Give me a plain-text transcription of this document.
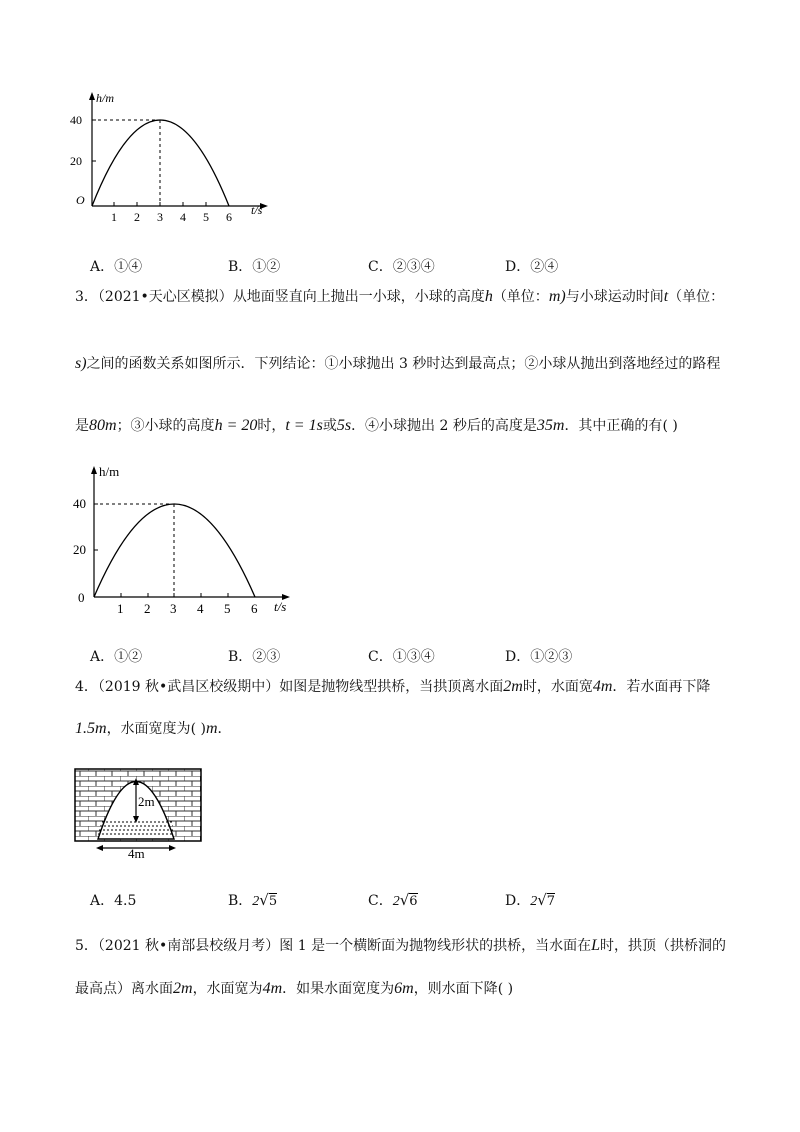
h/m
t/s
O
40
20
1 2 3 4 5 6
A．①④	B．①②	C．②③④	D．②④
3．（2021•天心区模拟）从地面竖直向上抛出一小球，小球的高度h（单位：m)与小球运动时间t（单位：
s)之间的函数关系如图所示．下列结论：①小球抛出 3 秒时达到最高点；②小球从抛出到落地经过的路程
是80m；③小球的高度h = 20时，t = 1s或5s．④小球抛出 2 秒后的高度是35m．其中正确的有( )
h/m
t/s
0
40
20
1 2 3 4 5 6
A．①②	B．②③	C．①③④	D．①②③
4．（2019 秋•武昌区校级期中）如图是抛物线型拱桥，当拱顶离水面2m时，水面宽4m．若水面再下降
1.5m，水面宽度为( )m．
2m
4m
A．4.5	B．2√5	C．2√6	D．2√7
5．（2021 秋•南部县校级月考）图 1 是一个横断面为抛物线形状的拱桥，当水面在L时，拱顶（拱桥洞的
最高点）离水面2m，水面宽为4m．如果水面宽度为6m，则水面下降( )
